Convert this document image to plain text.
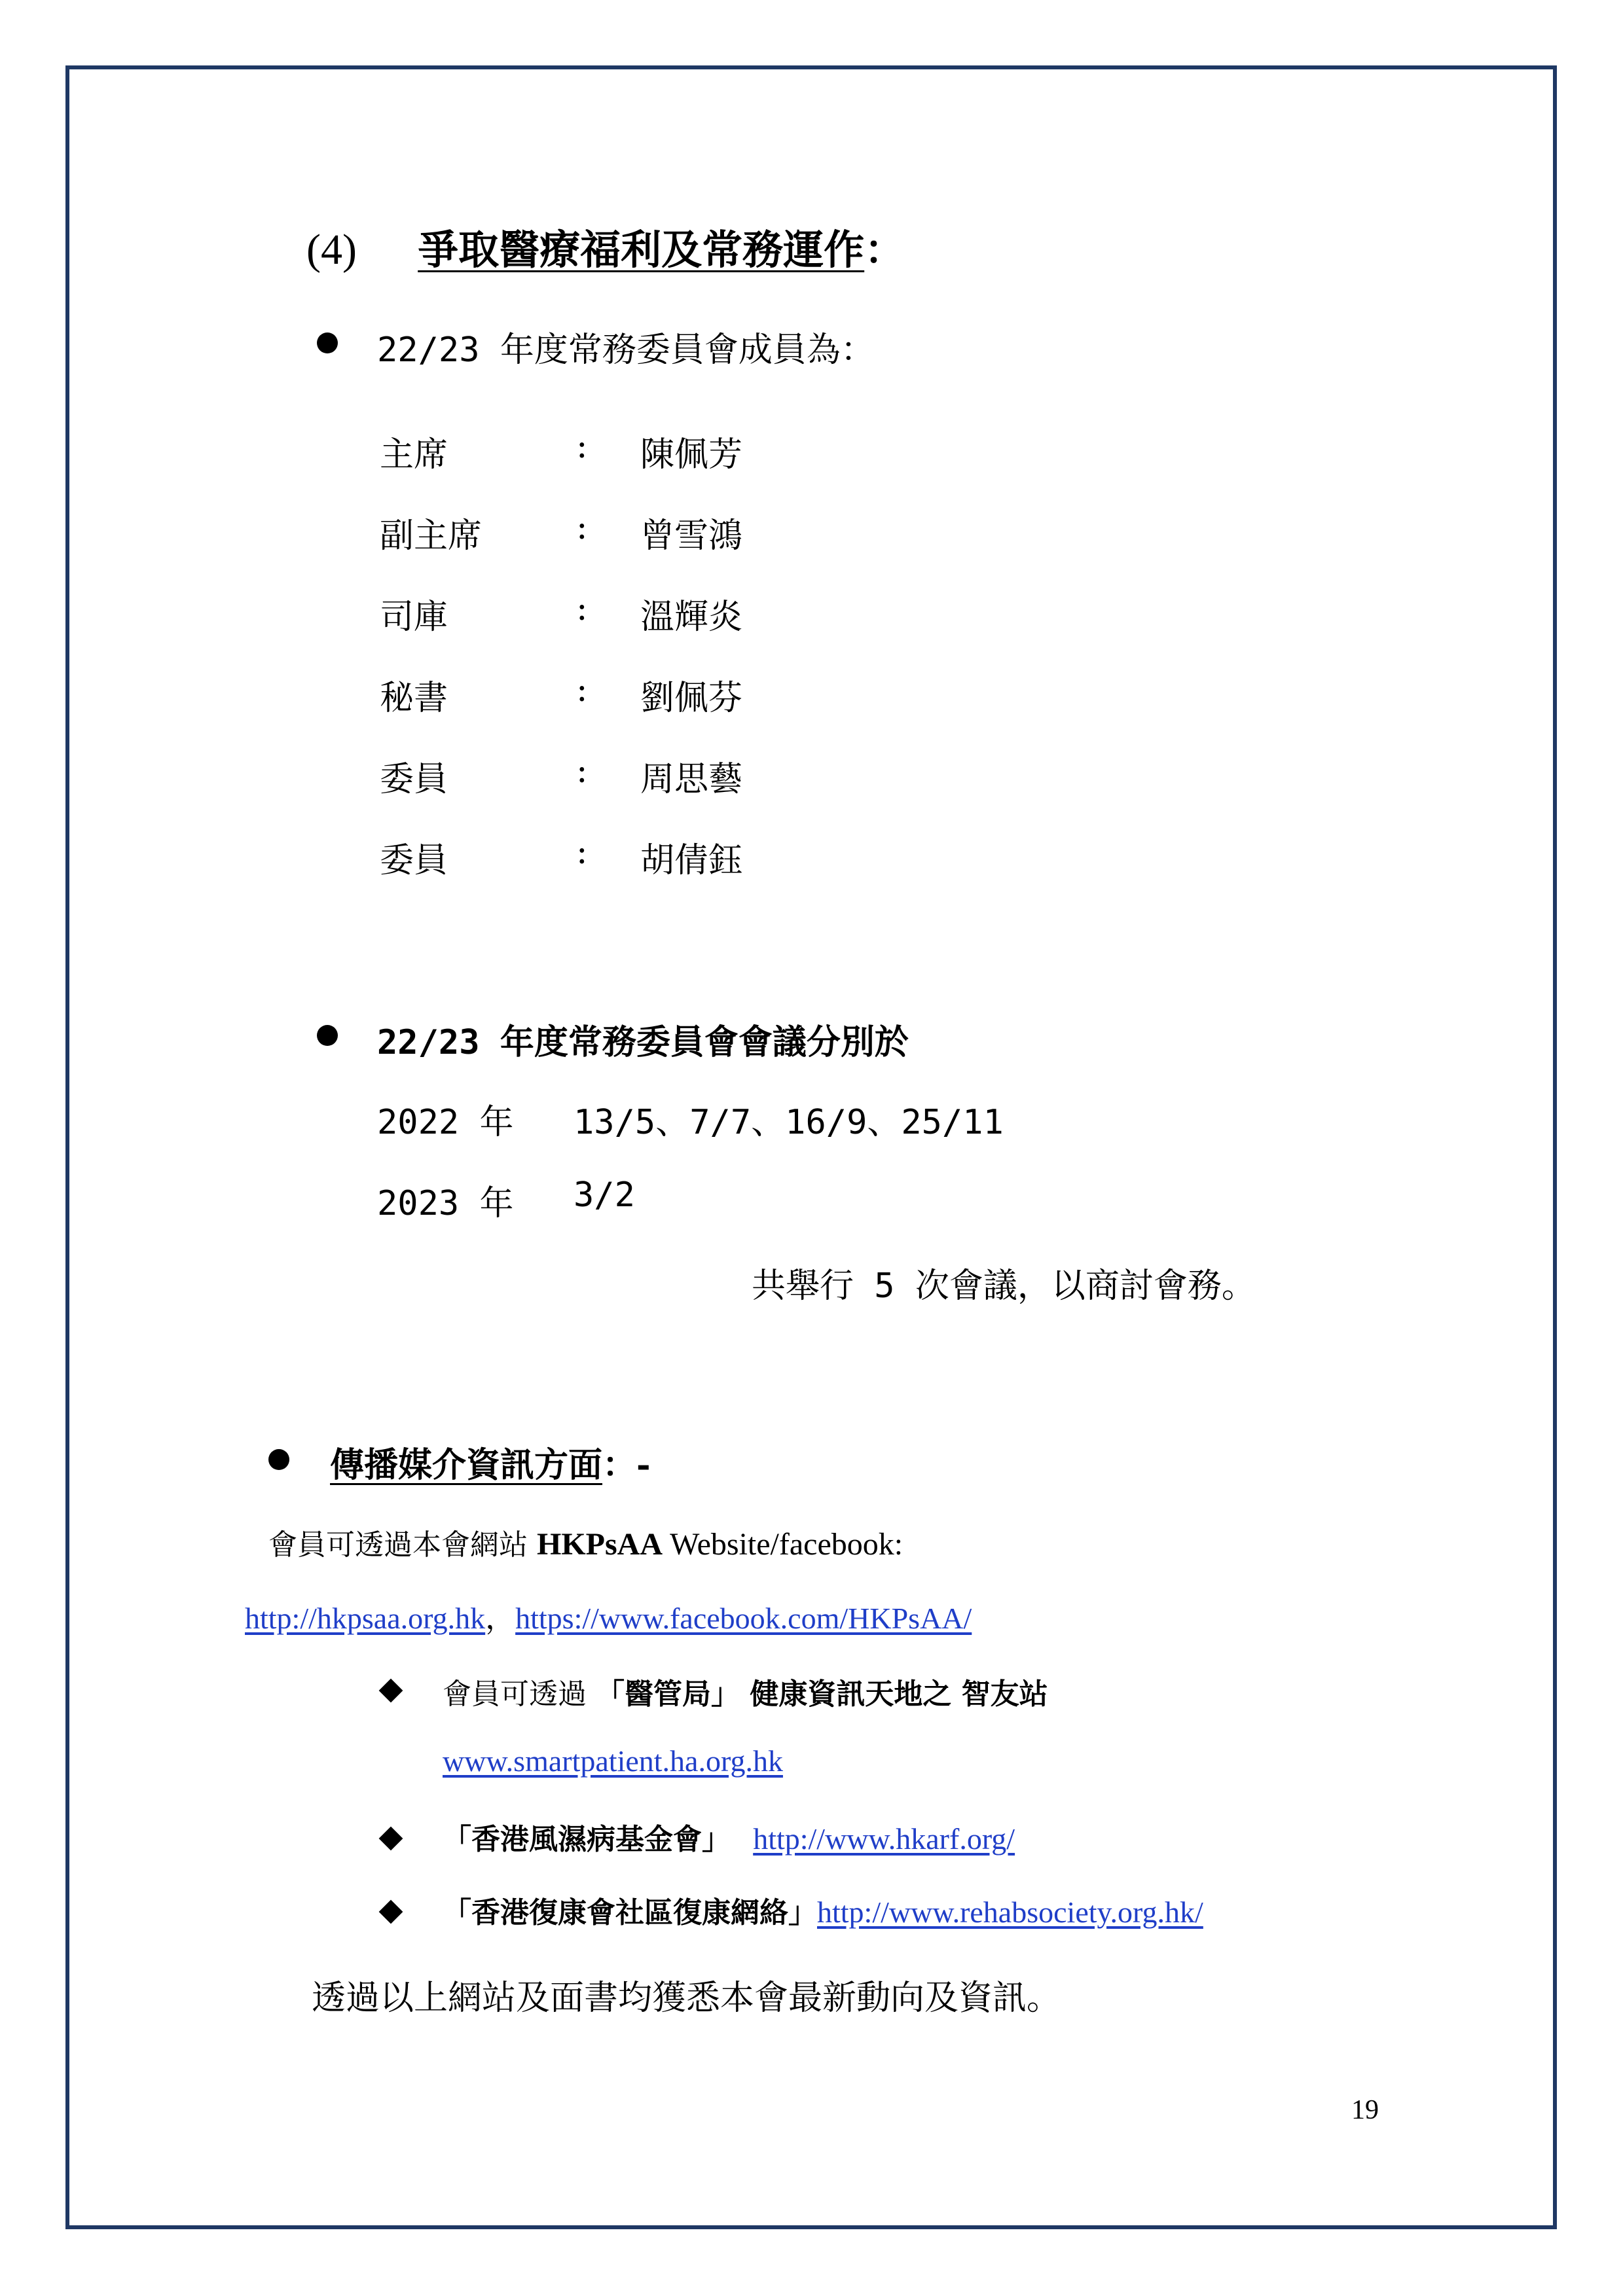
(4) 爭取醫療福利及常務運作：
22/23 年度常務委員會成員為：
主席	: 陳佩芳
副主席	: 曾雪鴻
司庫	: 溫輝炎
秘書	: 劉佩芬
委員	: 周思藝
委員	: 胡倩鈺
22/23 年度常務委員會會議分別於
2022 年 13/5、7/7、16/9、25/11
2023 年 3/2
共舉行 5 次會議，以商討會務。
傳播媒介資訊方面：-
會員可透過本會網站 HKPsAA Website/facebook:
http://hkpsaa.org.hk，https://www.facebook.com/HKPsAA/
會員可透過 「醫管局」 健康資訊天地之 智友站
www.smartpatient.ha.org.hk
「香港風濕病基金會」 http://www.hkarf.org/
「香港復康會社區復康網絡」http://www.rehabsociety.org.hk/
透過以上網站及面書均獲悉本會最新動向及資訊。
19
